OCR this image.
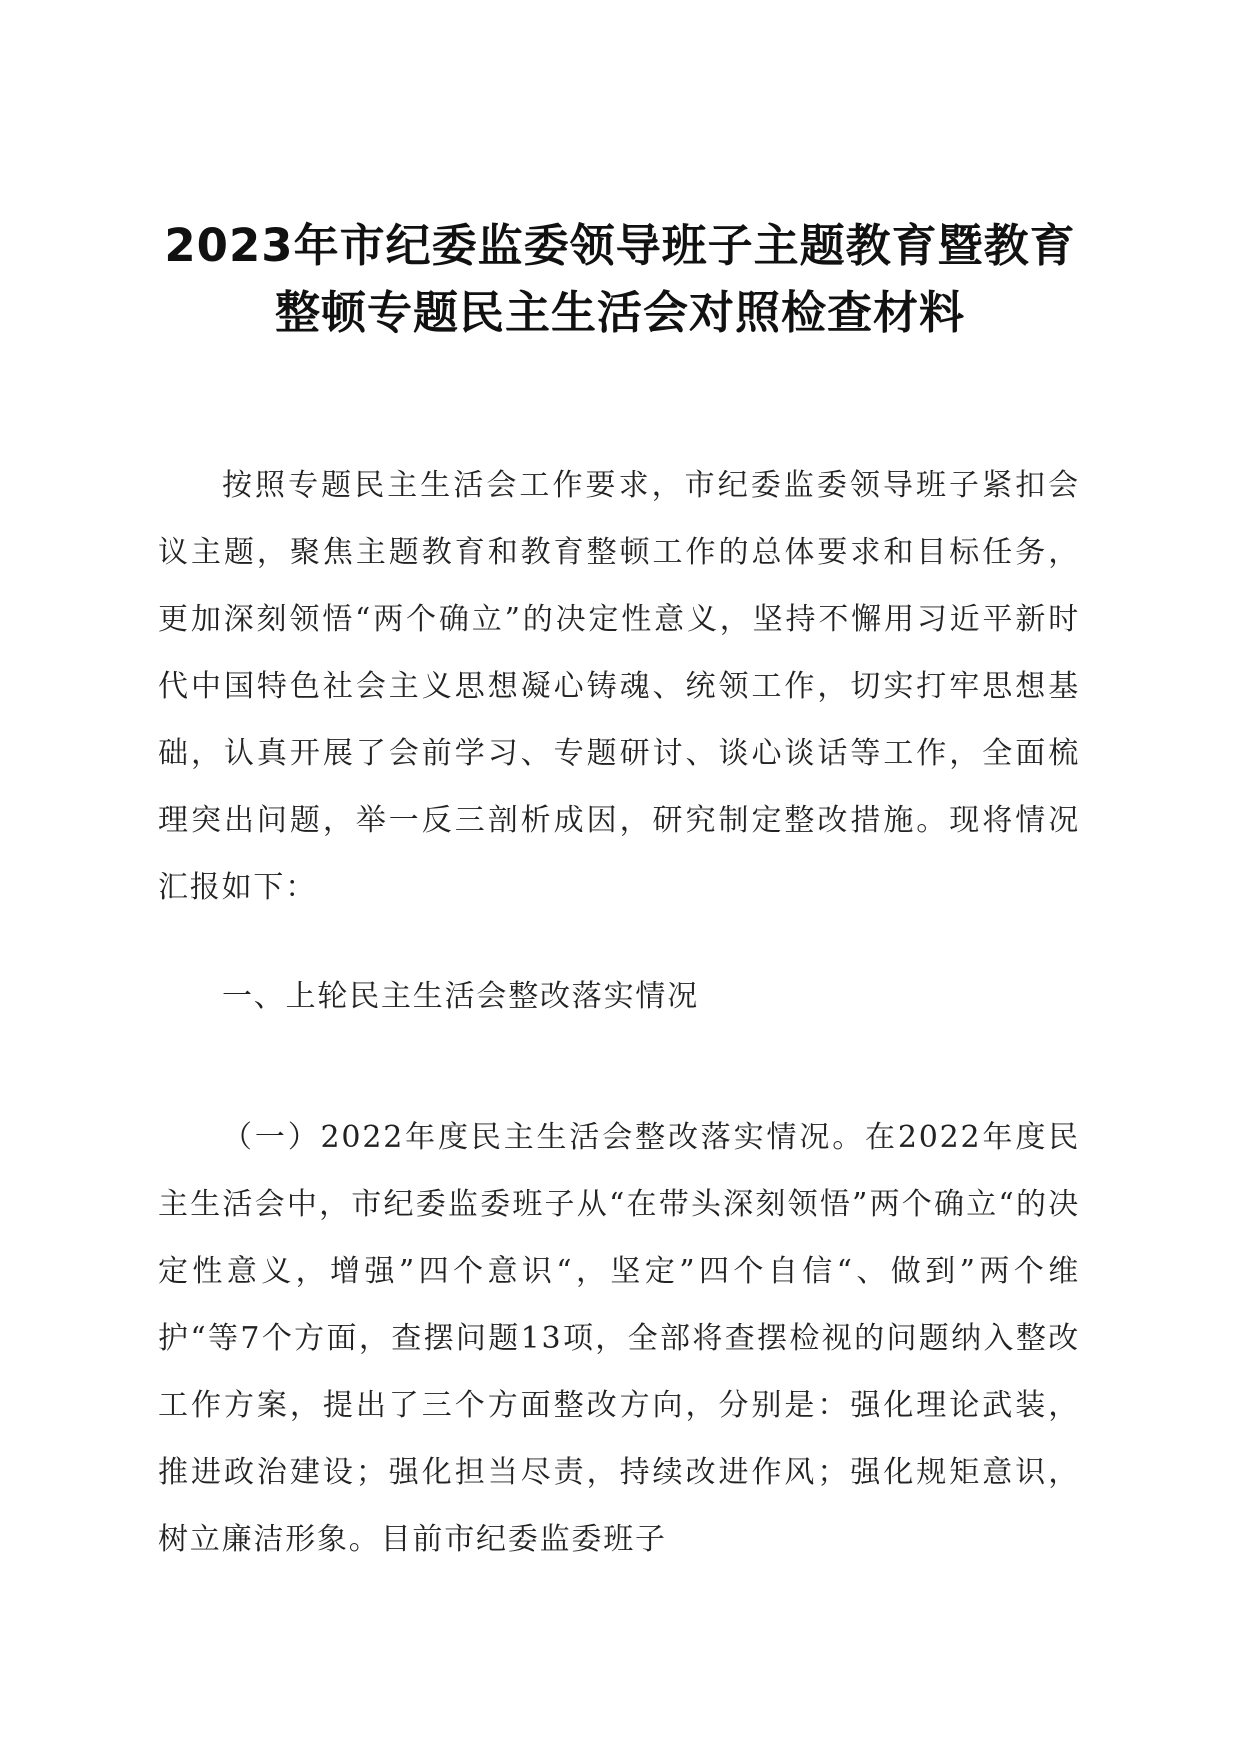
2023年市纪委监委领导班子主题教育暨教育
整顿专题民主生活会对照检查材料

按照专题民主生活会工作要求，市纪委监委领导班子紧扣会议主题，聚焦主题教育和教育整顿工作的总体要求和目标任务，更加深刻领悟“两个确立”的决定性意义，坚持不懈用习近平新时代中国特色社会主义思想凝心铸魂、统领工作，切实打牢思想基础，认真开展了会前学习、专题研讨、谈心谈话等工作，全面梳理突出问题，举一反三剖析成因，研究制定整改措施。现将情况汇报如下：

一、上轮民主生活会整改落实情况

（一）2022年度民主生活会整改落实情况。在2022年度民主生活会中，市纪委监委班子从“在带头深刻领悟”两个确立“的决定性意义，增强”四个意识“，坚定”四个自信“、做到”两个维护“等7个方面，查摆问题13项，全部将查摆检视的问题纳入整改工作方案，提出了三个方面整改方向，分别是：强化理论武装，推进政治建设；强化担当尽责，持续改进作风；强化规矩意识，树立廉洁形象。目前市纪委监委班子
